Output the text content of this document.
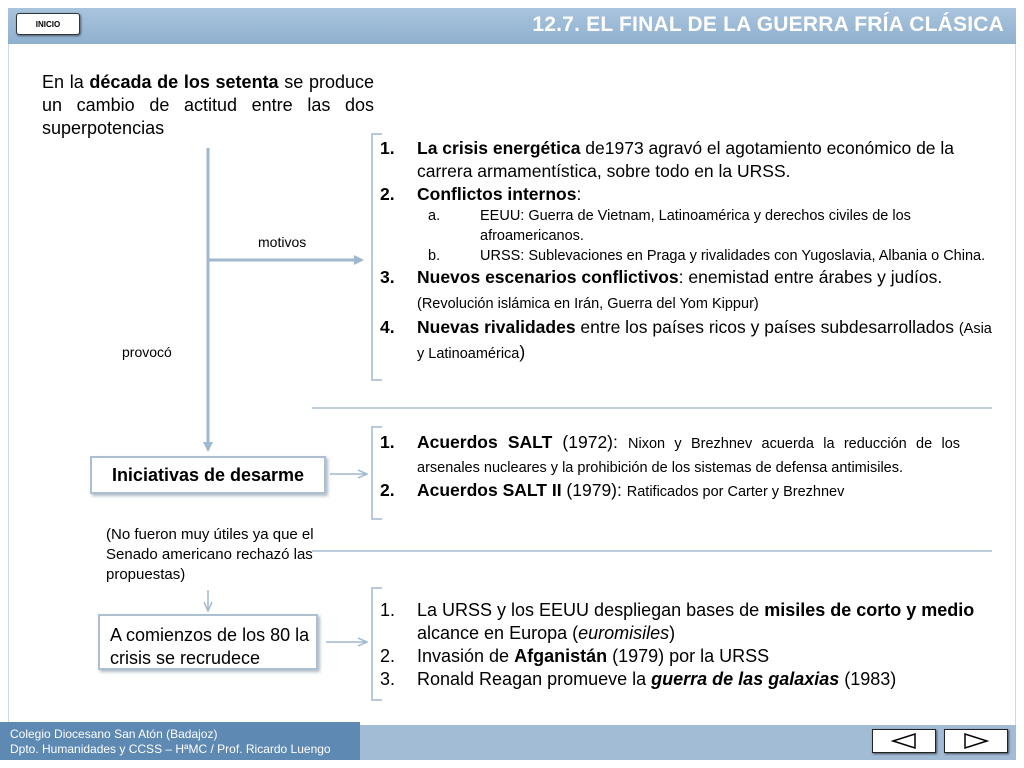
INICIO	12.7. EL FINAL DE LA GUERRA FRÍA CLÁSICA
En la década de los setenta se produce un cambio de actitud entre las dos superpotencias
motivos
provocó
1.	La crisis energética de1973 agravó el agotamiento económico de la carrera armamentística, sobre todo en la URSS.
2.	Conflictos internos:
a.	EEUU: Guerra de Vietnam, Latinoamérica y derechos civiles de los afroamericanos.
b.	URSS: Sublevaciones en Praga y rivalidades con Yugoslavia, Albania o China.
3.	Nuevos escenarios conflictivos: enemistad entre árabes y judíos. (Revolución islámica en Irán, Guerra del Yom Kippur)
4.	Nuevas rivalidades entre los países ricos y países subdesarrollados (Asia y Latinoamérica)
Iniciativas de desarme
(No fueron muy útiles ya que el Senado americano rechazó las propuestas)
1.	Acuerdos SALT (1972): Nixon y Brezhnev acuerda la reducción de los arsenales nucleares y la prohibición de los sistemas de defensa antimisiles.
2.	Acuerdos SALT II (1979): Ratificados por Carter y Brezhnev
A comienzos de los 80 la crisis se recrudece
1.	La URSS y los EEUU despliegan bases de misiles de corto y medio alcance en Europa (euromisiles)
2.	Invasión de Afganistán (1979) por la URSS
3.	Ronald Reagan promueve la guerra de las galaxias (1983)
Colegio Diocesano San Atón (Badajoz)
Dpto. Humanidades y CCSS – HªMC / Prof. Ricardo Luengo
